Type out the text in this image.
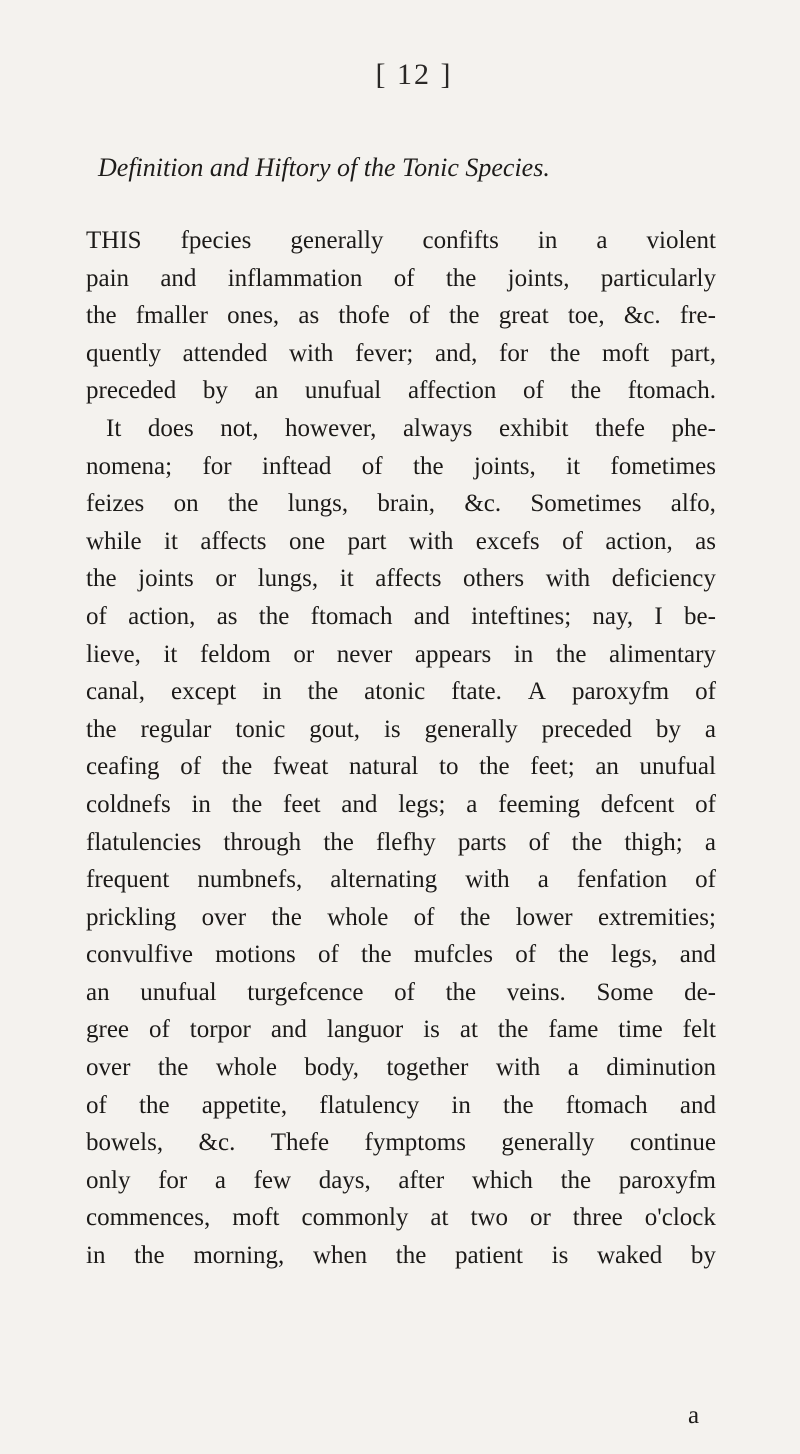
[ 12 ]
Definition and Hiftory of the Tonic Species.
THIS fpecies generally confifts in a violent
pain and inflammation of the joints, particularly
the fmaller ones, as thofe of the great toe, &c. fre-
quently attended with fever; and, for the moft part,
preceded by an unufual affection of the ftomach.
It does not, however, always exhibit thefe phe-
nomena; for inftead of the joints, it fometimes
feizes on the lungs, brain, &c. Sometimes alfo,
while it affects one part with excefs of action, as
the joints or lungs, it affects others with deficiency
of action, as the ftomach and inteftines; nay, I be-
lieve, it feldom or never appears in the alimentary
canal, except in the atonic ftate. A paroxyfm of
the regular tonic gout, is generally preceded by a
ceafing of the fweat natural to the feet; an unufual
coldnefs in the feet and legs; a feeming defcent of
flatulencies through the flefhy parts of the thigh; a
frequent numbnefs, alternating with a fenfation of
prickling over the whole of the lower extremities;
convulfive motions of the mufcles of the legs, and
an unufual turgefcence of the veins. Some de-
gree of torpor and languor is at the fame time felt
over the whole body, together with a diminution
of the appetite, flatulency in the ftomach and
bowels, &c. Thefe fymptoms generally continue
only for a few days, after which the paroxyfm
commences, moft commonly at two or three o'clock
in the morning, when the patient is waked by
a
